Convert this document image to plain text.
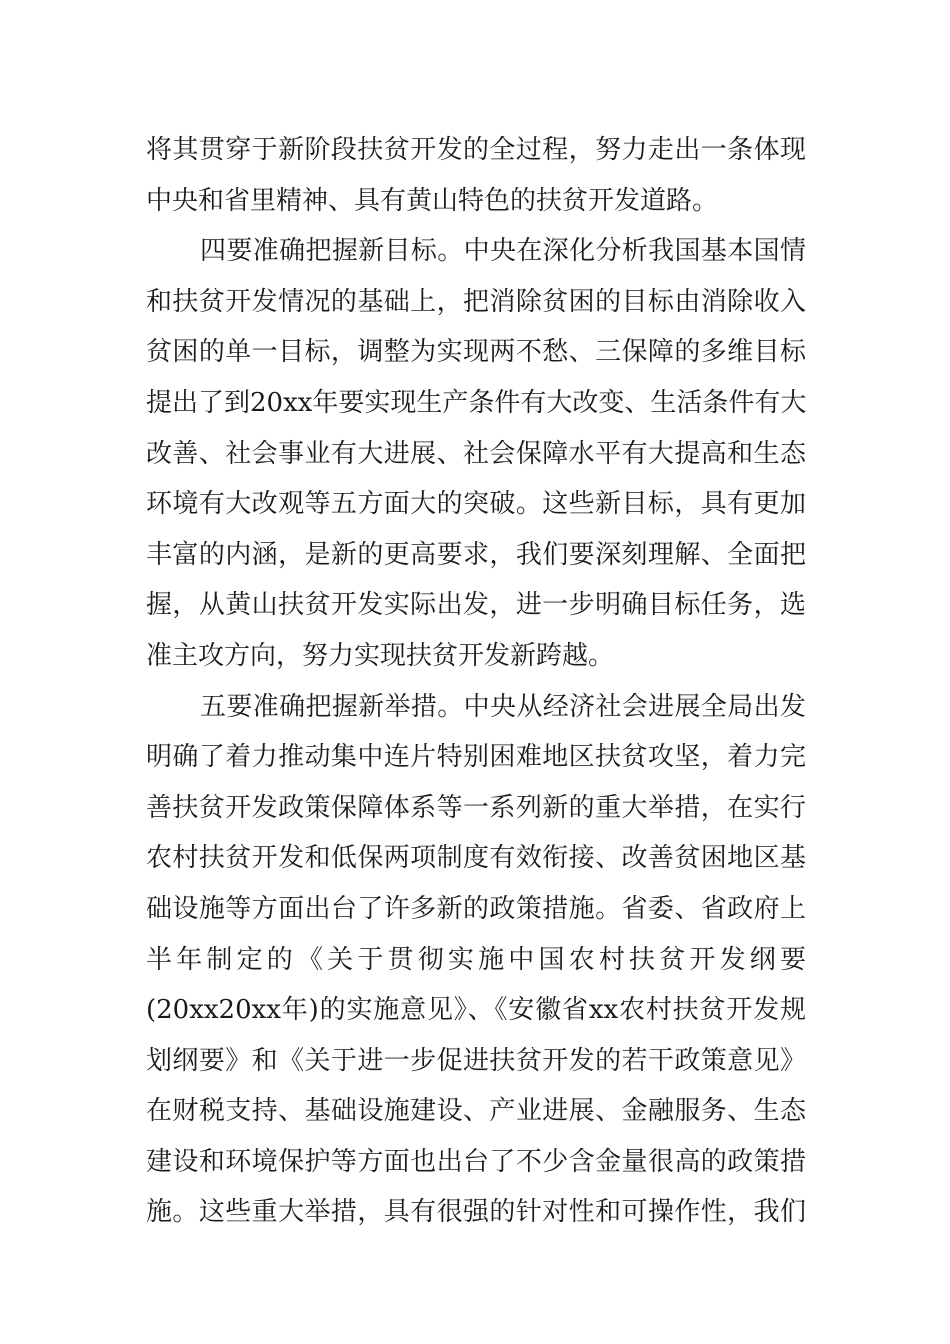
将其贯穿于新阶段扶贫开发的全过程，努力走出一条体现
中央和省里精神、具有黄山特色的扶贫开发道路。
四要准确把握新目标。中央在深化分析我国基本国情
和扶贫开发情况的基础上，把消除贫困的目标由消除收入
贫困的单一目标，调整为实现两不愁、三保障的多维目标
提出了到20xx年要实现生产条件有大改变、生活条件有大
改善、社会事业有大进展、社会保障水平有大提高和生态
环境有大改观等五方面大的突破。这些新目标，具有更加
丰富的内涵，是新的更高要求，我们要深刻理解、全面把
握，从黄山扶贫开发实际出发，进一步明确目标任务，选
准主攻方向，努力实现扶贫开发新跨越。
五要准确把握新举措。中央从经济社会进展全局出发
明确了着力推动集中连片特别困难地区扶贫攻坚，着力完
善扶贫开发政策保障体系等一系列新的重大举措，在实行
农村扶贫开发和低保两项制度有效衔接、改善贫困地区基
础设施等方面出台了许多新的政策措施。省委、省政府上
半年制定的《关于贯彻实施中国农村扶贫开发纲要
(20xx20xx年)的实施意见》、《安徽省xx农村扶贫开发规
划纲要》和《关于进一步促进扶贫开发的若干政策意见》
在财税支持、基础设施建设、产业进展、金融服务、生态
建设和环境保护等方面也出台了不少含金量很高的政策措
施。这些重大举措，具有很强的针对性和可操作性，我们
